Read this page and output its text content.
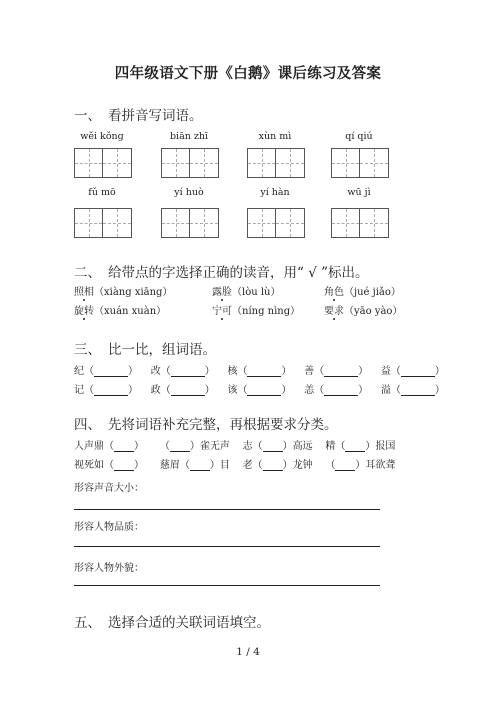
四年级语文下册《白鹅》课后练习及答案
一、 看拼音写词语。
wěi kǒng	biān zhī	xùn mì	qí qiú
fǔ mō	yí huò	yí hàn	wū jì
二、 给带点的字选择正确的读音，用“ √ ”标出。
照相（xiàng xiāng）	露脸（lòu lù）	角色（jué jiǎo）
旋转（xuán xuàn）	宁可（níng nìng） 要求（yāo yào）
三、 比一比，组词语。
纪（	）    改（	）    核（	）    善（	）    益（	）
记（	）    政（	）    该（	）    恙（	）    溢（	）
四、 先将词语补充完整，再根据要求分类。
人声鼎（ ） （ ）雀无声 志（ ）高远 精（ ）报国
视死如（ ） 慈眉（ ）目 老（ ）龙钟 （ ）耳欲聋
形容声音大小：
形容人物品质：
形容人物外貌：
五、 选择合适的关联词语填空。
1 / 4
